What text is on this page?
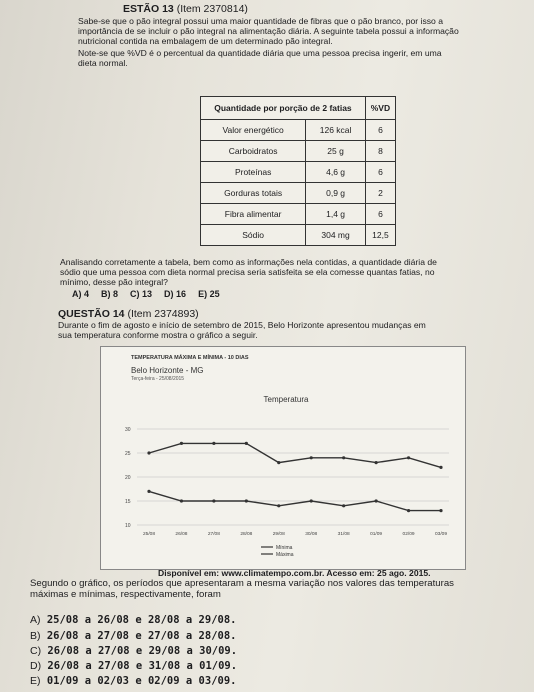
ESTÃO 13 (Item 2370814)
Sabe-se que o pão integral possui uma maior quantidade de fibras que o pão branco, por isso a
importância de se incluir o pão integral na alimentação diária. A seguinte tabela possui a informação
nutricional contida na embalagem de um determinado pão integral.
Note-se que %VD é o percentual da quantidade diária que uma pessoa precisa ingerir, em uma
dieta normal.
Quantidade por porção de 2 fatias		%VD
Valor energético	126 kcal	6
Carboidratos	25 g	8
Proteínas	4,6 g	6
Gorduras totais	0,9 g	2
Fibra alimentar	1,4 g	6
Sódio	304 mg	12,5
Analisando corretamente a tabela, bem como as informações nela contidas, a quantidade diária de
sódio que uma pessoa com dieta normal precisa seria satisfeita se ela comesse quantas fatias, no
mínimo, desse pão integral?
A) 4 B) 8 C) 13 D) 16 E) 25
QUESTÃO 14 (Item 2374893)
Durante o fim de agosto e início de setembro de 2015, Belo Horizonte apresentou mudanças em
sua temperatura conforme mostra o gráfico a seguir.
TEMPERATURA MÁXIMA E MÍNIMA - 10 DIAS
Belo Horizonte - MG
Terça-feira - 25/08/2015
Temperatura
10
15
20
25
30
25/08	26/08	27/08	28/08	29/08	30/08	31/08	01/09	02/09	03/09
Mínima
Máxima
Disponível em: www.climatempo.com.br. Acesso em: 25 ago. 2015.
Segundo o gráfico, os períodos que apresentaram a mesma variação nos valores das temperaturas
máximas e mínimas, respectivamente, foram
A) 25/08 a 26/08 e 28/08 a 29/08.
B) 26/08 a 27/08 e 27/08 a 28/08.
C) 26/08 a 27/08 e 29/08 a 30/09.
D) 26/08 a 27/08 e 31/08 a 01/09.
E) 01/09 a 02/03 e 02/09 a 03/09.
